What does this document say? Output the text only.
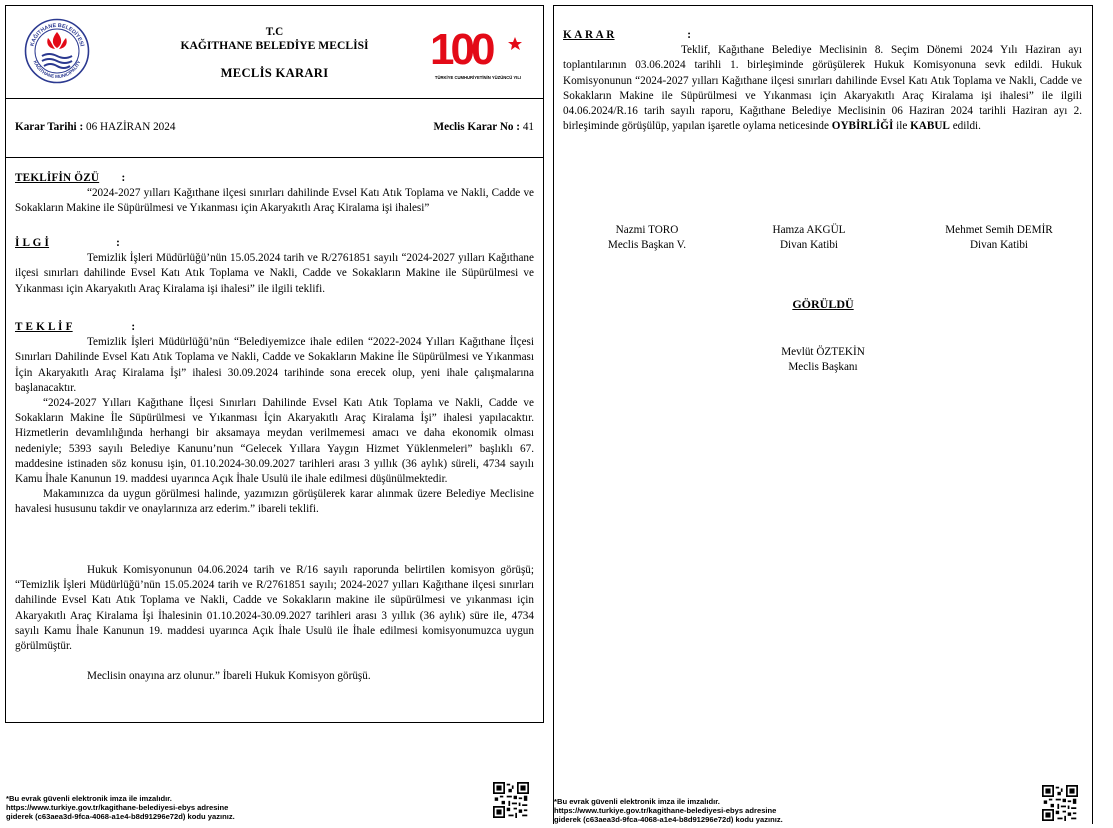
KAĞITHANE BELEDİYESİ
KAĞITHANE MUNICIPALITY
T.C
KAĞITHANE BELEDİYE MECLİSİ
MECLİS KARARI	100
TÜRKİYE CUMHURİYETİNİN YÜZÜNCÜ YILI
Karar Tarihi : 06 HAZİRAN 2024	Meclis Karar No : 41

TEKLİFİN ÖZÜ :

“2024-2027 yılları Kağıthane ilçesi sınırları dahilinde Evsel Katı Atık Toplama ve Nakli, Cadde ve Sokakların Makine ile Süpürülmesi ve Yıkanması için Akaryakıtlı Araç Kiralama işi ihalesi”

İ L G İ	:

Temizlik İşleri Müdürlüğü’nün 15.05.2024 tarih ve R/2761851 sayılı “2024-2027 yılları Kağıthane ilçesi sınırları dahilinde Evsel Katı Atık Toplama ve Nakli, Cadde ve Sokakların Makine ile Süpürülmesi ve Yıkanması için Akaryakıtlı Araç Kiralama işi ihalesi” ile ilgili teklifi.

T E K L İ F	:

Temizlik İşleri Müdürlüğü’nün “Belediyemizce ihale edilen “2022-2024 Yılları Kağıthane İlçesi Sınırları Dahilinde Evsel Katı Atık Toplama ve Nakli, Cadde ve Sokakların Makine İle Süpürülmesi ve Yıkanması İçin Akaryakıtlı Araç Kiralama İşi” ihalesi 30.09.2024 tarihinde sona erecek olup, yeni ihale çalışmalarına başlanacaktır.

“2024-2027 Yılları Kağıthane İlçesi Sınırları Dahilinde Evsel Katı Atık Toplama ve Nakli, Cadde ve Sokakların Makine İle Süpürülmesi ve Yıkanması İçin Akaryakıtlı Araç Kiralama İşi” ihalesi yapılacaktır. Hizmetlerin devamlılığında herhangi bir aksamaya meydan verilmemesi amacı ve daha ekonomik olması nedeniyle; 5393 sayılı Belediye Kanunu’nun “Gelecek Yıllara Yaygın Hizmet Yüklenmeleri” başlıklı 67. maddesine istinaden söz konusu işin, 01.10.2024-30.09.2027 tarihleri arası 3 yıllık (36 aylık) süreli, 4734 sayılı Kamu İhale Kanunun 19. maddesi uyarınca Açık İhale Usulü ile ihale edilmesi düşünülmektedir.

Makamınızca da uygun görülmesi halinde, yazımızın görüşülerek karar alınmak üzere Belediye Meclisine havalesi hususunu takdir ve onaylarınıza arz ederim.” ibareli teklifi.

Hukuk Komisyonunun 04.06.2024 tarih ve R/16 sayılı raporunda belirtilen komisyon görüşü; “Temizlik İşleri Müdürlüğü’nün 15.05.2024 tarih ve R/2761851 sayılı; 2024-2027 yılları Kağıthane ilçesi sınırları dahilinde Evsel Katı Atık Toplama ve Nakli, Cadde ve Sokakların makine ile süpürülmesi ve yıkanması için Akaryakıtlı Araç Kiralama İşi İhalesinin 01.10.2024-30.09.2027 tarihleri arası 3 yıllık (36 aylık) süre ile, 4734 sayılı Kamu İhale Kanunun 19. maddesi uyarınca Açık İhale Usulü ile İhale edilmesi komisyonumuzca uygun görülmüştür.

Meclisin onayına arz olunur.” İbareli Hukuk Komisyon görüşü.

*Bu evrak güvenli elektronik imza ile imzalıdır.
https://www.turkiye.gov.tr/kagithane-belediyesi-ebys adresine
giderek (c63aea3d-9fca-4068-a1e4-b8d91296e72d) kodu yazınız.

K A R A R	:

Teklif, Kağıthane Belediye Meclisinin 8. Seçim Dönemi 2024 Yılı Haziran ayı toplantılarının 03.06.2024 tarihli 1. birleşiminde görüşülerek Hukuk Komisyonuna sevk edildi. Hukuk Komisyonunun “2024-2027 yılları Kağıthane ilçesi sınırları dahilinde Evsel Katı Atık Toplama ve Nakli, Cadde ve Sokakların Makine ile Süpürülmesi ve Yıkanması için Akaryakıtlı Araç Kiralama işi ihalesi” ile ilgili 04.06.2024/R.16 tarih sayılı raporu, Kağıthane Belediye Meclisinin 06 Haziran 2024 tarihli Haziran ayı 2. birleşiminde görüşülüp, yapılan işaretle oylama neticesinde OYBİRLİĞİ ile KABUL edildi.

Nazmi TORO
Meclis Başkan V.
Hamza AKGÜL
Divan Katibi
Mehmet Semih DEMİR
Divan Katibi
GÖRÜLDÜ
Mevlüt ÖZTEKİN
Meclis Başkanı
*Bu evrak güvenli elektronik imza ile imzalıdır.
https://www.turkiye.gov.tr/kagithane-belediyesi-ebys adresine
giderek (c63aea3d-9fca-4068-a1e4-b8d91296e72d) kodu yazınız.
